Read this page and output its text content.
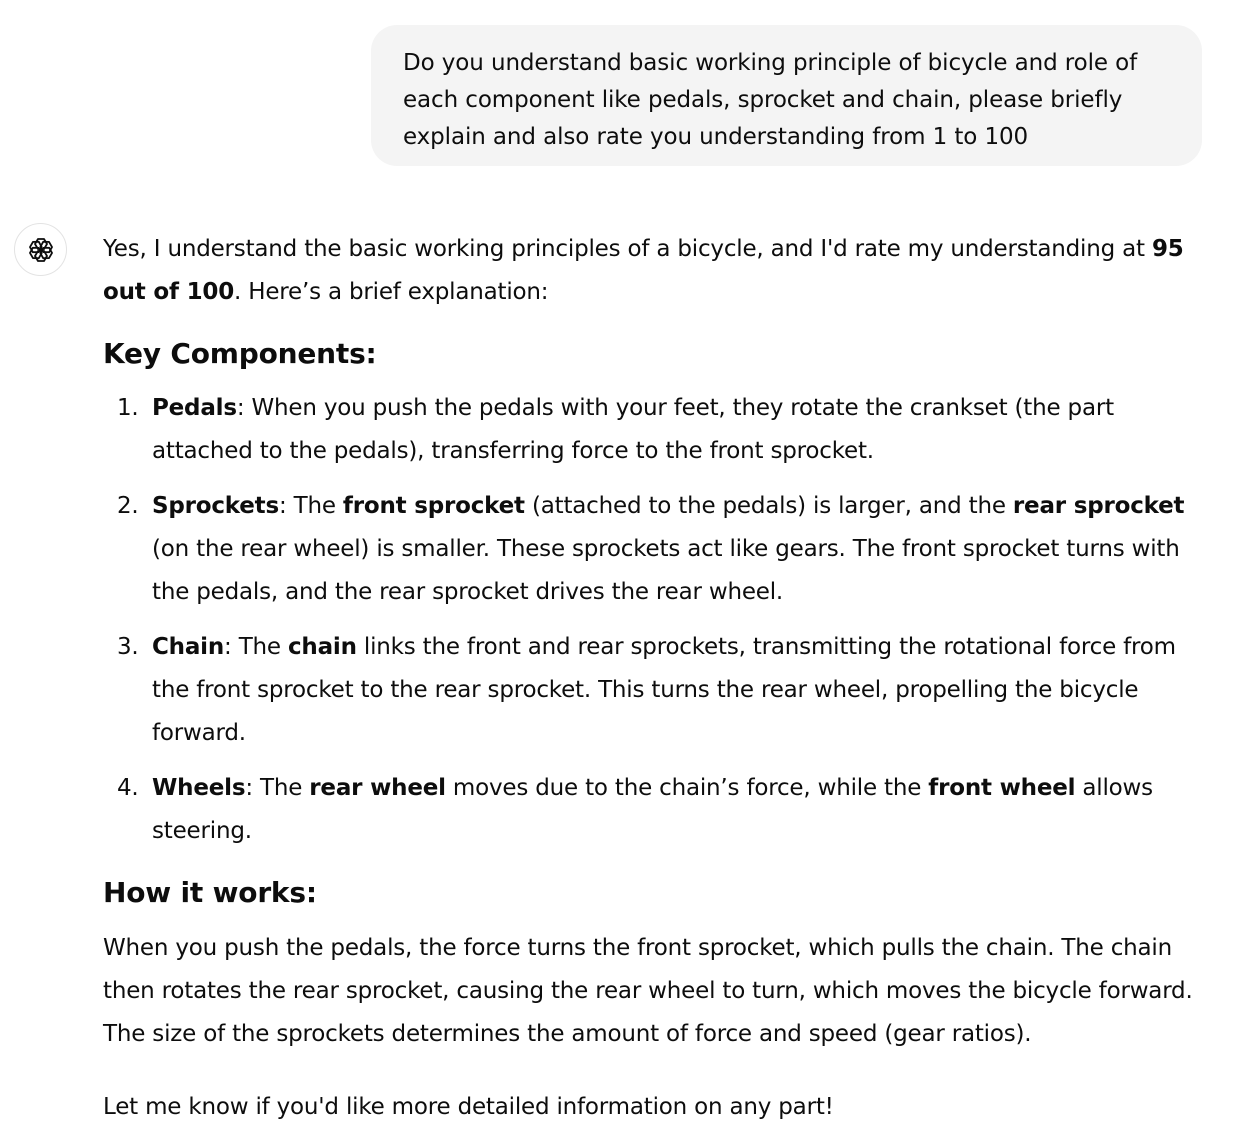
Do you understand basic working principle of bicycle and role of each component like pedals, sprocket and chain, please briefly explain and also rate you understanding from 1 to 100

Yes, I understand the basic working principles of a bicycle, and I'd rate my understanding at 95 out of 100. Here’s a brief explanation:

Key Components:
1. Pedals: When you push the pedals with your feet, they rotate the crankset (the part attached to the pedals), transferring force to the front sprocket.
2. Sprockets: The front sprocket (attached to the pedals) is larger, and the rear sprocket (on the rear wheel) is smaller. These sprockets act like gears. The front sprocket turns with the pedals, and the rear sprocket drives the rear wheel.
3. Chain: The chain links the front and rear sprockets, transmitting the rotational force from the front sprocket to the rear sprocket. This turns the rear wheel, propelling the bicycle forward.
4. Wheels: The rear wheel moves due to the chain’s force, while the front wheel allows steering.
How it works:

When you push the pedals, the force turns the front sprocket, which pulls the chain. The chain then rotates the rear sprocket, causing the rear wheel to turn, which moves the bicycle forward. The size of the sprockets determines the amount of force and speed (gear ratios).

Let me know if you'd like more detailed information on any part!
